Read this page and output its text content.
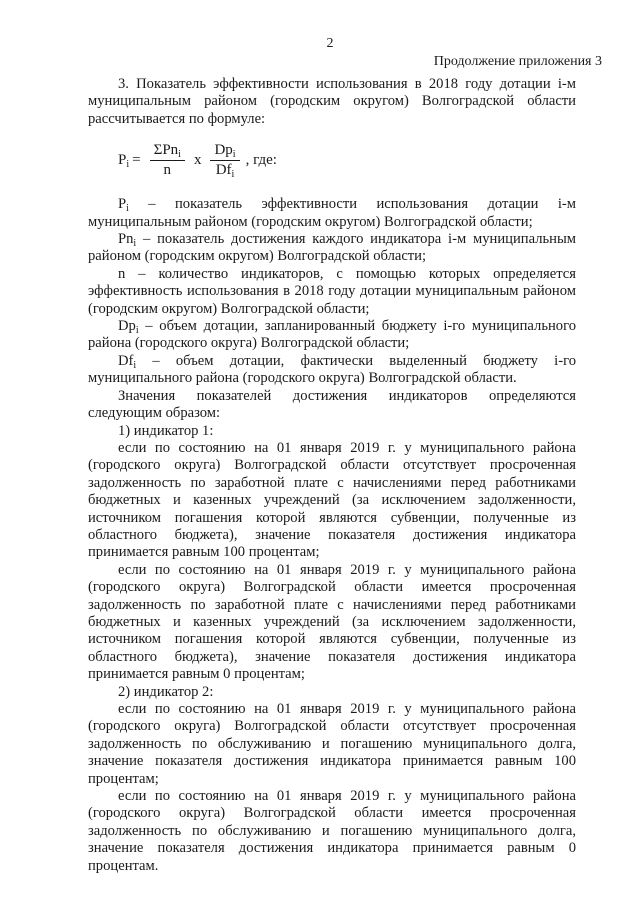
2
Продолжение приложения 3

3. Показатель эффективности использования в 2018 году дотации i-м муниципальным районом (городским округом) Волгоградской области рассчитывается по формуле:

$P_i = \frac{\Sigma Pn_i}{n}$ x $\frac{Dp_i}{Df_i}$ , где:

$P_i$ – показатель эффективности использования дотации i-м муниципальным районом (городским округом) Волгоградской области;

$Pn_i$ – показатель достижения каждого индикатора i-м муниципальным районом (городским округом) Волгоградской области;

n – количество индикаторов, с помощью которых определяется эффективность использования в 2018 году дотации муниципальным районом (городским округом) Волгоградской области;

$Dp_i$ – объем дотации, запланированный бюджету i-го муниципального района (городского округа) Волгоградской области;

$Df_i$ – объем дотации, фактически выделенный бюджету i-го муниципального района (городского округа) Волгоградской области.

Значения показателей достижения индикаторов определяются следующим образом:

1) индикатор 1:

если по состоянию на 01 января 2019 г. у муниципального района (городского округа) Волгоградской области отсутствует просроченная задолженность по заработной плате с начислениями перед работниками бюджетных и казенных учреждений (за исключением задолженности, источником погашения которой являются субвенции, полученные из областного бюджета), значение показателя достижения индикатора принимается равным 100 процентам;

если по состоянию на 01 января 2019 г. у муниципального района (городского округа) Волгоградской области имеется просроченная задолженность по заработной плате с начислениями перед работниками бюджетных и казенных учреждений (за исключением задолженности, источником погашения которой являются субвенции, полученные из областного бюджета), значение показателя достижения индикатора принимается равным 0 процентам;

2) индикатор 2:

если по состоянию на 01 января 2019 г. у муниципального района (городского округа) Волгоградской области отсутствует просроченная задолженность по обслуживанию и погашению муниципального долга, значение показателя достижения индикатора принимается равным 100 процентам;

если по состоянию на 01 января 2019 г. у муниципального района (городского округа) Волгоградской области имеется просроченная задолженность по обслуживанию и погашению муниципального долга, значение показателя достижения индикатора принимается равным 0 процентам.
